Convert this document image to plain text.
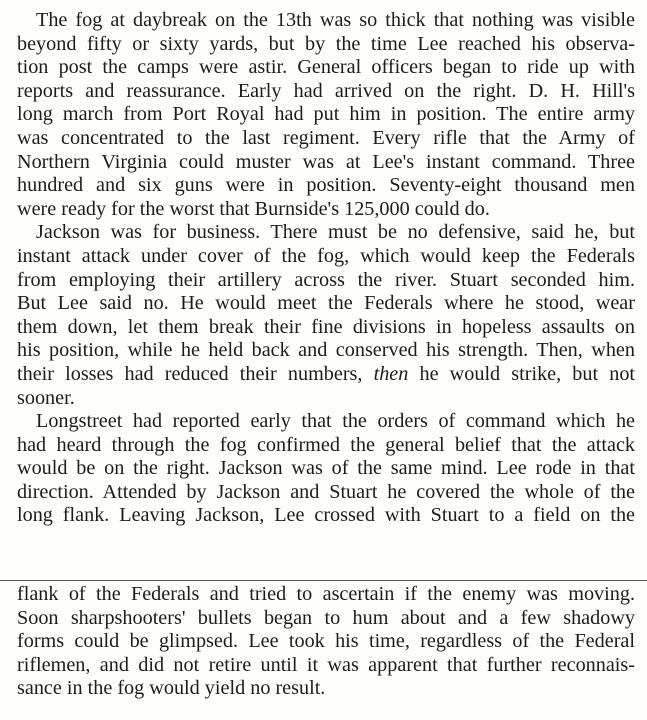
The fog at daybreak on the 13th was so thick that nothing was visible
beyond fifty or sixty yards, but by the time Lee reached his observa-
tion post the camps were astir. General officers began to ride up with
reports and reassurance. Early had arrived on the right. D. H. Hill's
long march from Port Royal had put him in position. The entire army
was concentrated to the last regiment. Every rifle that the Army of
Northern Virginia could muster was at Lee's instant command. Three
hundred and six guns were in position. Seventy-eight thousand men
were ready for the worst that Burnside's 125,000 could do.

Jackson was for business. There must be no defensive, said he, but
instant attack under cover of the fog, which would keep the Federals
from employing their artillery across the river. Stuart seconded him.
But Lee said no. He would meet the Federals where he stood, wear
them down, let them break their fine divisions in hopeless assaults on
his position, while he held back and conserved his strength. Then, when
their losses had reduced their numbers, then he would strike, but not
sooner.

Longstreet had reported early that the orders of command which he
had heard through the fog confirmed the general belief that the attack
would be on the right. Jackson was of the same mind. Lee rode in that
direction. Attended by Jackson and Stuart he covered the whole of the
long flank. Leaving Jackson, Lee crossed with Stuart to a field on the

flank of the Federals and tried to ascertain if the enemy was moving.
Soon sharpshooters' bullets began to hum about and a few shadowy
forms could be glimpsed. Lee took his time, regardless of the Federal
riflemen, and did not retire until it was apparent that further reconnais-
sance in the fog would yield no result.
